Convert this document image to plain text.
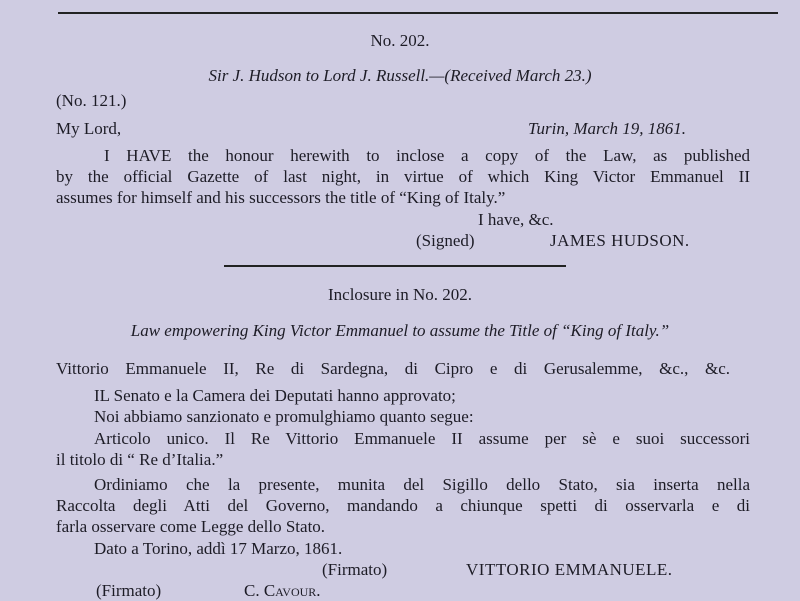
No. 202.
Sir J. Hudson to Lord J. Russell.—(Received March 23.)
(No. 121.)
My Lord,	Turin, March 19, 1861.
I HAVE the honour herewith to inclose a copy of the Law, as published
by the official Gazette of last night, in virtue of which King Victor Emmanuel II
assumes for himself and his successors the title of “King of Italy.”
I have, &c.
(Signed)	JAMES HUDSON.
Inclosure in No. 202.
Law empowering King Victor Emmanuel to assume the Title of “King of Italy.”
Vittorio Emmanuele II, Re di Sardegna, di Cipro e di Gerusalemme, &c., &c.
IL Senato e la Camera dei Deputati hanno approvato;
Noi abbiamo sanzionato e promulghiamo quanto segue:
Articolo unico. Il Re Vittorio Emmanuele II assume per sè e suoi successori
il titolo di “ Re d’Italia.”
Ordiniamo che la presente, munita del Sigillo dello Stato, sia inserta nella
Raccolta degli Atti del Governo, mandando a chiunque spetti di osservarla e di
farla osservare come Legge dello Stato.
Dato a Torino, addì 17 Marzo, 1861.
(Firmato)	VITTORIO EMMANUELE.
(Firmato)	C. Cavour.
